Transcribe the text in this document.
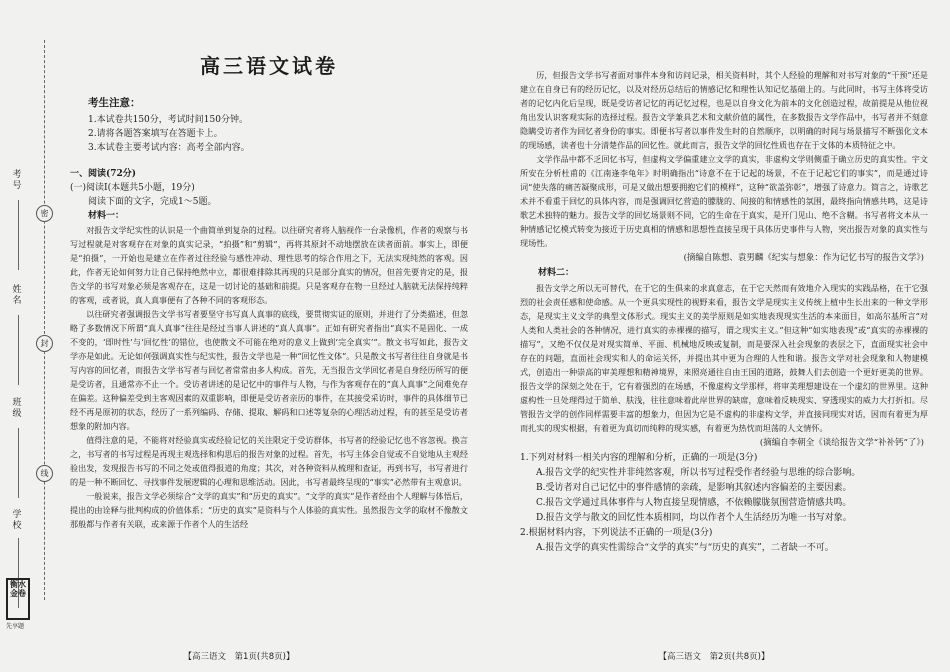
考号
姓名
班级
学校
密
封
线
衡水金卷
先享题
高三语文试卷
考生注意：
1.本试卷共150分，考试时间150分钟。
2.请将各题答案填写在答题卡上。
3.本试卷主要考试内容：高考全部内容。
一、阅读(72分)
(一)阅读Ⅰ(本题共5小题，19分)
阅读下面的文字，完成1～5题。
材料一：

对报告文学纪实性的认识是一个曲简单到复杂的过程。以往研究者将人脑视作一台录像机，作者的观察与书写过程就是对客观存在对象的真实记录，“拍摄”和“剪辑”，再将其原封不动地摆放在读者面前。事实上，即便是“拍摄”，一开始也是建立在作者过往经验与感性冲动、理性思考的综合作用之下，无法实现纯然的客观。因此，作者无论如何努力让自己保持绝然中立，都很难排除其再现的只是部分真实的情况，但首先要肯定的是，报告文学的书写对象必须是客观存在，这是一切讨论的基础和前提。只是客观存在物一旦经过人脑就无法保持纯粹的客观，或者说，真人真事便有了各种不同的客观形态。

以往研究者强调报告文学书写者要坚守书写真人真事的底线，要贯彻实证的原则，并进行了分类描述，但忽略了多数情况下所谓“真人真事”往往是经过当事人讲述的“真人真事”。正如有研究者指出“真实不是固化、一成不变的，‘即时性’与‘回忆性’的错位，也使散文不可能在绝对的意义上做到‘完全真实’”。散文书写如此，报告文学亦是如此。无论如何强调真实性与纪实性，报告文学也是一种“回忆性文体”。只是散文书写者往往自身就是书写内容的回忆者，而报告文学书写者与回忆者常常由多人构成。首先，无当报告文学回忆者是自身经历所写的便是受访者，且通常亦不止一个。受访者讲述的是记忆中的事件与人物，与作为客观存在的“真人真事”之间难免存在偏差。这种偏差受到主客观因素的双重影响，即便是受访者亲历的事件，在其接受采访时，事件的具体细节已经不再是原初的状态，经历了一系列编码、存储、提取、解码和口述等复杂的心理活动过程，有的甚至是受访者想象的附加内容。

值得注意的是，不能将对经验真实或经验记忆的关注限定于受访群体，书写者的经验记忆也不容忽视。换言之，书写者的书写过程是再现主观选择和构思后的报告对象的过程。首先，书写主体会自觉或不自觉地从主观经验出发，发现报告书写的不同之处或值得报道的角度；其次，对各种资料从梳理和查证，再到书写，书写者进行的是一种不断回忆、寻找事件发展逻辑的心理和思维活动。因此，书写者最终呈现的“事实”必然带有主观意识。

一般说来，报告文学必须综合“文学的真实”和“历史的真实”。“文学的真实”是作者经由个人理解与体悟后，提出的由诠释与批判构成的价值体系；“历史的真实”是资料与个人体验的真实性。虽然报告文学的取材不像散文那般都与作者有关联，或来源于作者个人的生活经

【高三语文　第1页(共8页)】

历，但报告文学书写者面对事件本身和访问记录，相关资料时，其个人经验的理解和对书写对象的“干预”还是建立在自身已有的经历记忆，以及对经历总结后的情感记忆和理性认知记忆基础上的。与此同时，书写主体将受访者的记忆内化后呈现，既是受访者记忆的再记忆过程，也是以自身文化为前本的文化创造过程，故前提是从他位视角出发认识客观实际的选择过程。报告文学兼具艺术和文献价值的属性，在多数报告文学作品中，书写者并不刻意隐瞒受访者作为回忆者身份的事实。即便书写者以事件发生时的自然顺序，以明确的时间与场景描写不断强化文本的现场感，读者也十分清楚作品的回忆性。就此而言，报告文学的回忆性质也存在于文体的本质特征之中。

文学作品中都不乏回忆书写，但虚构文学偏重建立文学的真实，非虚构文学则侧重于确立历史的真实性。宇文所安在分析杜甫的《江南逢李龟年》时明确指出“诗意不在于记起的场景，不在于记起它们的事实”，而是通过诗词“使失落的痛苦凝聚成形，可是又做出想要拥抱它们的模样”，这种“欲盖弥彰”，增强了诗意力。简言之，诗歌艺术并不看重于回忆的具体内容，而是强调回忆营造的朦胧的、间接的和情感性的氛围，最终指向情感共鸣，这是诗歌艺术独特的魅力。报告文学的回忆场景则不同，它的生命在于真实，是开门见山、绝不含糊。书写者将文本从一种情感记忆模式转变为接近于历史真相的情感和思想性直接呈现于具体历史事件与人物，突出报告对象的真实性与现场性。

(摘编自陈想、袁男麟《纪实与想象：作为记忆书写的报告文学》)
材料二：

报告文学之所以无可替代，在于它的生俱来的求真意志，在于它天然而有效地介入现实的实践品格，在于它强烈的社会责任感和使命感。从一个更具实现性的视野来看，报告文学是现实主义传统上植中生长出来的一种文学形态，是现实主义文学的典型文体形式。现实主义的美学原则是如实地表现现实生活的本来面目，如高尔基所言“对人类和人类社会的各种情况，进行真实的赤裸裸的描写，谓之现实主义。”但这种“如实地表现”或“真实的赤裸裸的描写”，又绝不仅仅是对现实简单、平面、机械地反映或复制，而是要深入社会现象的表层之下，直面现实社会中存在的问题，直面社会现实和人的命运关怀，并提出其中更为合理的人性和谐。报告文学对社会现象和人物建模式，创造出一种崇高的审美理想和精神境界，来照亮通往自由王国的道路，鼓舞人们去创造一个更好更美的世界。报告文学的深刻之处在于，它有着强烈的在场感，不像虚构文学那样，将审美理想建设在一个虚幻的世界里。这种虚构性一旦处理得过于简单、肤浅，往往意味着此岸世界的缺席，意味着反映现实、穿透现实的威力大打折扣。尽管报告文学的创作同样需要丰富的想象力，但因为它是不虚构的非虚构文学，并直接同现实对话，因而有着更为厚而扎实的现实根据，有着更为真切而纯粹的现实感，有着更为热忱而坦荡的人文情怀。

(摘编自李朝全《谈给报告文学“补补钙”了》)
1.下列对材料一相关内容的理解和分析，正确的一项是(3分)
A.报告文学的纪实性并非纯然客观，所以书写过程受作者经验与思维的综合影响。
B.受访者对自己记忆中的事件感情的亲疏，是影响其叙述内容偏差的主要因素。
C.报告文学通过具体事件与人物直接呈现情感，不依赖朦胧氛围营造情感共鸣。
D.报告文学与散文的回忆性本质相同，均以作者个人生活经历为唯一书写对象。
2.根据材料内容，下列说法不正确的一项是(3分)
A.报告文学的真实性需综合“文学的真实”与“历史的真实”，二者缺一不可。
【高三语文　第2页(共8页)】
